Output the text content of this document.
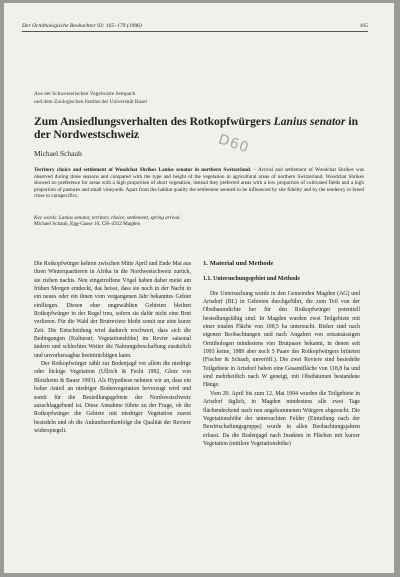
Der Ornithologische Beobachter 93: 165–179 (1996)	165
Aus der Schweizerischen Vogelwarte Sempach
und dem Zoologischen Institut der Universität Basel
Zum Ansiedlungsverhalten des Rotkopfwürgers Lanius senator in der Nordwestschweiz
Michael Schaub	D60
Territory choice and settlement of Woodchat Shrikes Lanius senator in northern Switzerland. – Arrival and settlement of Woodchat Shrikes was observed during three seasons and compared with the type and height of the vegetation in agricultural areas of northern Switzerland. Woodchat Shrikes showed no preference for areas with a high proportion of short vegetation, instead they preferred areas with a low proportion of cultivated fields and a high proportion of pastures and small vineyards. Apart from the habitat quality the settlement seemed to be influenced by site fidelity and by the tendency to breed close to conspecifics.
Key words: Lanius senator, territory choice, settlement, spring arrival.
Michael Schaub, Egg-Gasse 10, CH–4312 Magden

Die Rotkopfwürger kehren zwischen Mitte April und Ende Mai aus ihren Winterquartieren in Afrika in die Nordwestschweiz zurück, sie ziehen nachts. Neu eingetroffene Vögel haben daher meist am frühen Morgen entdeckt, das heisst, dass sie noch in der Nacht in ein neues oder ein ihnen vom vergangenen Jahr bekanntes Gebiet einfliegen. Diesen eher ungewählten Gebieten bleiben Rotkopfwürger in der Regel treu, sofern sie dafür nicht eine Brut verlieren. Für die Wahl der Brutreviere bleibt somit nur eine kurze Zeit. Die Entscheidung wird dadurch erschwert, dass sich die Bedingungen (Kulturart, Vegetationshöhe) im Revier saisonal ändern und schlechtes Wetter die Nahrungsbeschaffung zusätzlich und unvorhersagbar beeinträchtigen kann.

Der Rotkopfwürger zählt zur Bodenjagd vor allem die niedrige oder lückige Vegetation (Ullrich & Fecht 1992, Glutz von Blotzheim & Bauer 1993). Als Hypothese nehmen wir an, dass ein hoher Anteil an niedriger Bodenvegetation bevorzugt wird und somit für die Besiedlungsgebiete der Nordwestschweiz ausschlaggebend ist. Diese Annahme führte zu der Frage, ob die Rotkopfwürger die Gebiete mit niedriger Vegetation zuerst besiedeln und ob die Ankunftsreihenfolge die Qualität der Reviere widerspiegelt.

1. Material und Methode
1.1. Untersuchungsgebiet und Methode

Die Untersuchung wurde in den Gemeinden Magden (AG) und Arisdorf (BL) in Gebieten durchgeführt, die zum Teil von der Obstbaumdichte her für den Rotkopfwürger potentiell besiedlungsfähig sind. In Magden wurden zwei Teilgebiete mit einer totalen Fläche von 108,5 ha untersucht. Bisher sind nach eigenen Beobachtungen und nach Angaben von ortsansässigen Ornithologen mindestens vier Brutpaare bekannt, in denen seit 1993 keine, 1989 aber noch 5 Paare des Rotkopfwürgers brüteten (Fischer & Schaub, unveröff.). Die zwei Reviere sind besiedelte Teilgebiete in Arisdorf haben eine Gesamtfläche von 118,8 ha und sind mehrheitlich nach W geneigt, mit Obstbäumen bestandene Hänge.

Vom 20. April bis zum 12. Mai 1994 wurden die Teilgebiete in Arisdorf täglich, in Magden mindestens alle zwei Tage flächendeckend nach neu angekommenen Würgern abgesucht. Die Vegetationshöhe der untersuchten Felder (Einteilung nach der Bewirtschaftungsgruppe) wurde in allen Beobachtungsjahren erfasst. Da die Bodenjagd nach Insekten in Flächen mit kurzer Vegetation (mittlere Vegetationshöhe)
